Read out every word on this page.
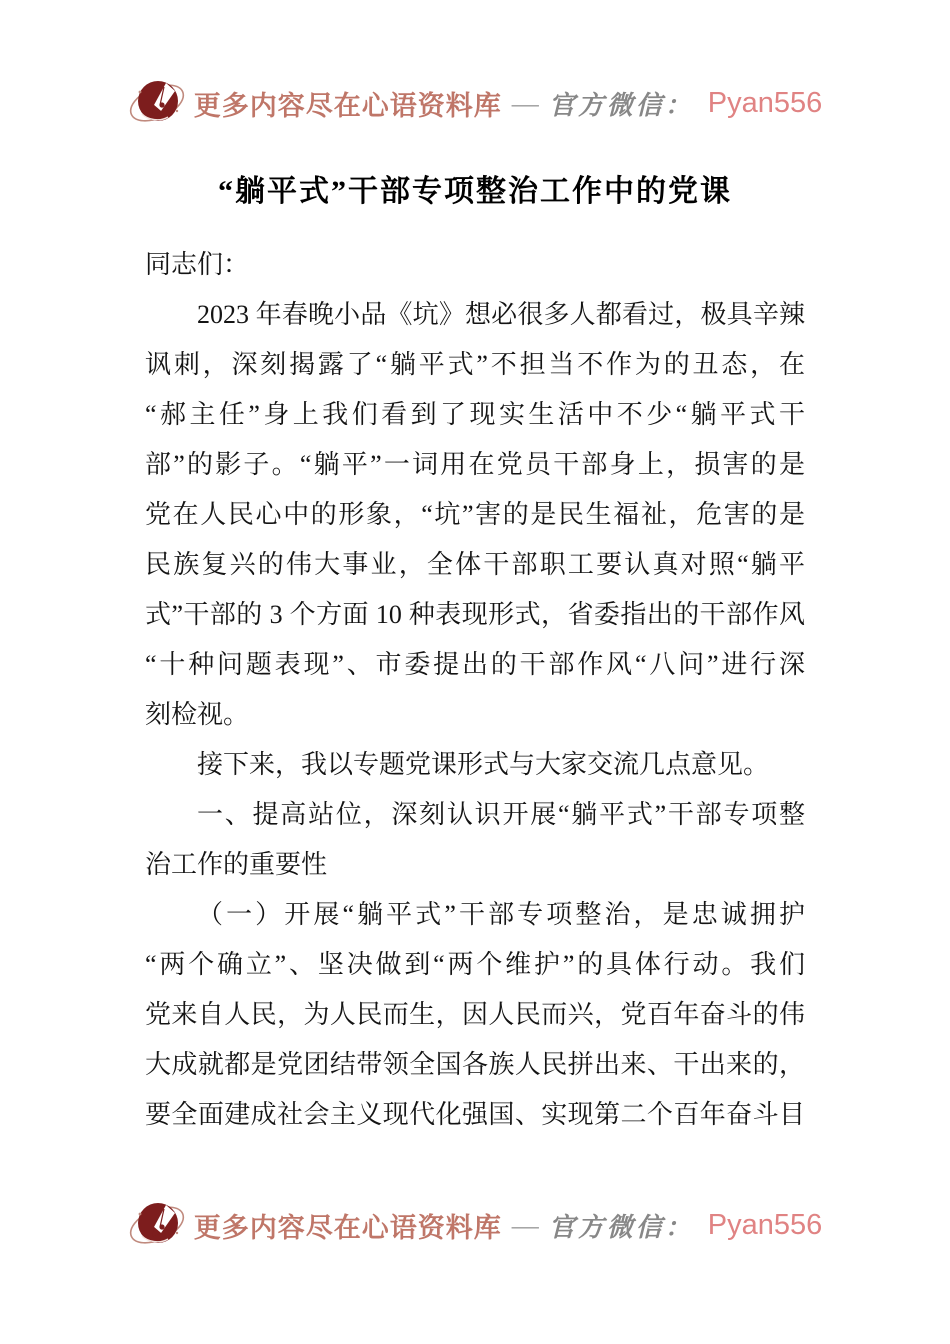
更多内容尽在心语资料库 — 官方微信： Pyan556
“躺平式”干部专项整治工作中的党课
同志们：
2023 年春晚小品《坑》想必很多人都看过，极具辛辣
讽刺，深刻揭露了“躺平式”不担当不作为的丑态，在
“郝主任”身上我们看到了现实生活中不少“躺平式干
部”的影子。“躺平”一词用在党员干部身上，损害的是
党在人民心中的形象，“坑”害的是民生福祉，危害的是
民族复兴的伟大事业，全体干部职工要认真对照“躺平
式”干部的 3 个方面 10 种表现形式，省委指出的干部作风
“十种问题表现”、市委提出的干部作风“八问”进行深
刻检视。
接下来，我以专题党课形式与大家交流几点意见。
一、提高站位，深刻认识开展“躺平式”干部专项整
治工作的重要性
（一）开展“躺平式”干部专项整治，是忠诚拥护
“两个确立”、坚决做到“两个维护”的具体行动。我们
党来自人民，为人民而生，因人民而兴，党百年奋斗的伟
大成就都是党团结带领全国各族人民拼出来、干出来的，
要全面建成社会主义现代化强国、实现第二个百年奋斗目
更多内容尽在心语资料库 — 官方微信： Pyan556
